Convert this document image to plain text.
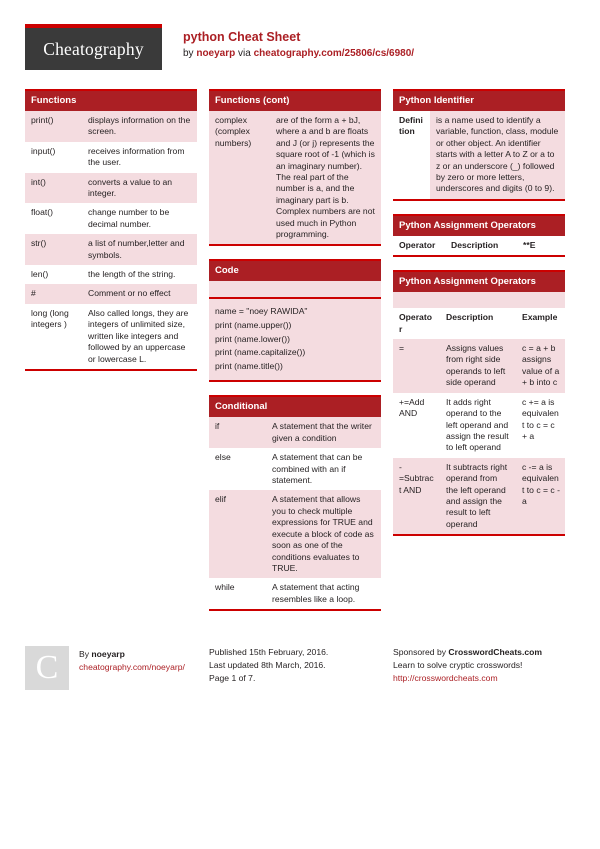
Cheatography
python Cheat Sheet
by noeyarp via cheatography.com/25806/cs/6980/
Functions
print()	displays information on the screen.
input()	receives information from the user.
int()	converts a value to an integer.
float()	change number to be decimal number.
str()	a list of number,letter and symbols.
len()	the length of the string.
#	Comment or no effect
long (long integers )	Also called longs, they are integers of unlimited size, written like integers and followed by an uppercase or lowercase L.
Functions (cont)
complex (complex numbers)	are of the form a + bJ, where a and b are floats and J (or j) represents the square root of -1 (which is an imaginary number). The real part of the number is a, and the imaginary part is b. Complex numbers are not used much in Python programming.
Code
name = "noey RAWIDA"
print (name.upper())
print (name.lower())
print (name.capitalize())
print (name.title())
Conditional
if	A statement that the writer given a condition
else	A statement that can be combined with an if statement.
elif	A statement that allows you to check multiple expressions for TRUE and execute a block of code as soon as one of the conditions evaluates to TRUE.
while	A statement that acting resembles like a loop.
Python Identifier
Definition	is a name used to identify a variable, function, class, module or other object. An identifier starts with a letter A to Z or a to z or an underscore (_) followed by zero or more letters, underscores and digits (0 to 9).
Python Assignment Operators
Operator	Description	**E
Python Assignment Operators

Operator	Description	Example
=	Assigns values from right side operands to left side operand	c = a + b assigns value of a + b into c
+=Add AND	It adds right operand to the left operand and assign the result to left operand	c += a is equivalent to c = c + a
-=Subtract AND	It subtracts right operand from the left operand and assign the result to left operand	c -= a is equivalent to c = c - a
C	By noeyarp
cheatography.com/noeyarp/
Published 15th February, 2016.
Last updated 8th March, 2016.
Page 1 of 7.
Sponsored by CrosswordCheats.com
Learn to solve cryptic crosswords!
http://crosswordcheats.com
